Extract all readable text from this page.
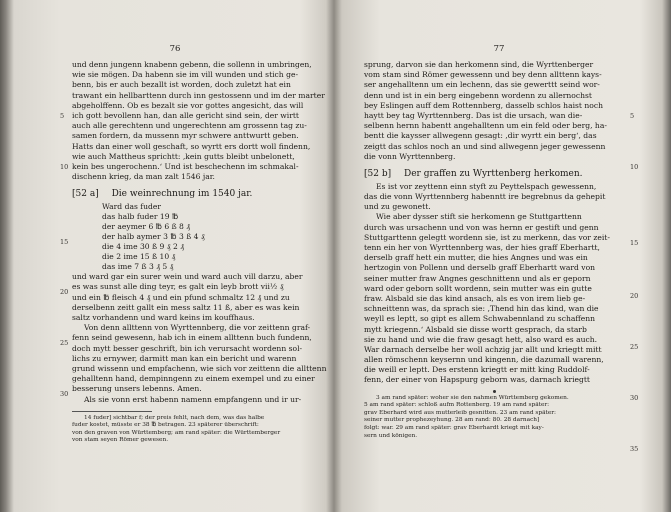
76
und denn jungenn knabenn gebenn, die sollenn in umbringen,
wie sie mögen. Da habenn sie im vill wunden und stich ge-
benn, bis er auch bezallt ist worden, doch zuletzt hat ein
trawant ein hellbarttenn durch inn gestossenn und im der marter
abgeholffenn. Ob es bezalt sie vor gottes angesicht, das will
ich gott bevollenn han, dan alle gericht sind sein, der wirtt
auch alle gerechtenn und ungerechtenn am grossenn tag zu-
samen fordern, da mussenn myr schwere anttwurtt geben.
Hatts dan einer woll geschaft, so wyrtt ers dortt woll findenn,
wie auch Mattheus sprichtt: ‚kein gutts bleibt unbelonett,
kein bes ungerochenn.‘ Und ist beschechenn im schmakal-
dischenn krieg, da man zalt 1546 jar.
[52 a] Die weinrechnung im 1540 jar.
Ward das fuder
das halb fuder 19 ℔
der aeymer 6 ℔ 6 ß 8 ₰
der halb aymer 3 ℔ 3 ß 4 ₰
die 4 ime 30 ß 9 ₰ 2 ₰
die 2 ime 15 ß 10 ₰
das ime 7 ß 3 ₰ 5 ₰
und ward gar ein surer wein und ward auch vill darzu, aber
es was sunst alle ding teyr, es galt ein leyb brott vii½ ₰
und ein ℔ fleisch 4 ₰ und ein pfund schmaltz 12 ₰ und zu
derselbenn zeitt gallt ein mess saltz 11 ß, aber es was kein
saltz vorhandenn und ward keins im kouffhaus.
Von denn allttenn von Wyrttennberg, die vor zeittenn graf-
fenn seind gewesenn, hab ich in einem allttenn buch fundenn,
doch mytt besser geschrift, bin ich verursacht wordenn sol-
lichs zu ernywer, darmitt man kan ein bericht und warenn
grund wissenn und empfachenn, wie sich vor zeittenn die allttenn
gehalltenn hand, dempinngenn zu einem exempel und zu einer
besserung unsers lebenns. Amen.
Als sie vonn erst habenn namenn empfangenn und ir ur-
14 fuder] sichtbar f; der preis fehlt, nach dem, was das halbe
fuder kostet, müsste er 38 ℔ betragen. 23 späterer überschrift:
von den graven von Württemberg; am rand später: die Württemberger
von stam seyen Römer gewesen.
5
10
15
20
25
30
77
sprung, darvon sie dan herkomenn sind, die Wyrttenberger
vom stam sind Römer gewessenn und bey denn allttenn kays-
ser angehalltenn um ein lechenn, das sie gewerttt seind wor-
denn und ist in ein berg eingebenn wordenn zu allernochst
bey Eslingen auff dem Rottennberg, dasselb schlos haist noch
haytt bey tag Wyrttennberg. Das ist die ursach, wan die-
selbenn hernn habentt angehalltenn um ein feld oder berg, ha-
bentt die kaysser allwegenn gesagt: ‚dir wyrtt ein berg‘, das
zeigtt das schlos noch an und sind allwegenn jeger gewessenn
die vonn Wyrttennberg.
[52 b] Der graffen zu Wyrttenberg herkomen.
Es ist vor zeyttenn einn styft zu Peyttelspach gewessenn,
das die vonn Wyrttennberg habenntt ire begrebnus da gehepit
und zu gewonett.
Wie aber dysser stift sie herkomenn ge Stuttgarttenn
durch was ursachenn und von was hernn er gestift und genn
Stuttgarttenn gelegtt wordenn sie, ist zu merkenn, das vor zeit-
tenn ein her von Wyrttennberg was, der hies graff Eberhartt,
derselb graff hett ein mutter, die hies Angnes und was ein
hertzogin von Pollenn und derselb graff Eberhartt ward von
seiner mutter fraw Angnes geschnittenn und als er geporn
ward oder geborn sollt wordenn, sein mutter was ein gutte
fraw. Alsbald sie das kind ansach, als es von irem lieb ge-
schneittenn was, da sprach sie: ‚Thend hin das kind, wan die
weyll es leptt, so gipt es allem Schwabennland zu schaffenn
mytt kriegenn.‘ Alsbald sie disse wortt gesprach, da starb
sie zu hand und wie die fraw gesagt hett, also ward es auch.
War darnach derselbe her woll achzig jar allt und kriegtt mitt
allen römschenn keysernn und kingenn, die dazumall warenn,
die weill er leptt. Des erstenn kriegtt er mitt king Ruddolf-
fenn, der einer von Hapspurg geborn was, darnach kriegtt
3 am rand später: woher sie den nahmen Württemberg gekomen.
5 am rand später: schloß aufm Rottenberg. 19 am rand später:
grav Eberhard wird aus mutterleib gesnitten. 23 am rand später:
seiner mutter prophezeyhung. 28 am rand: 80. 28 darnach]
folgt: war. 29 am rand später: grav Eberhardt kriegt mit kay-
sern und königen.
5
10
15
20
25
30
35
